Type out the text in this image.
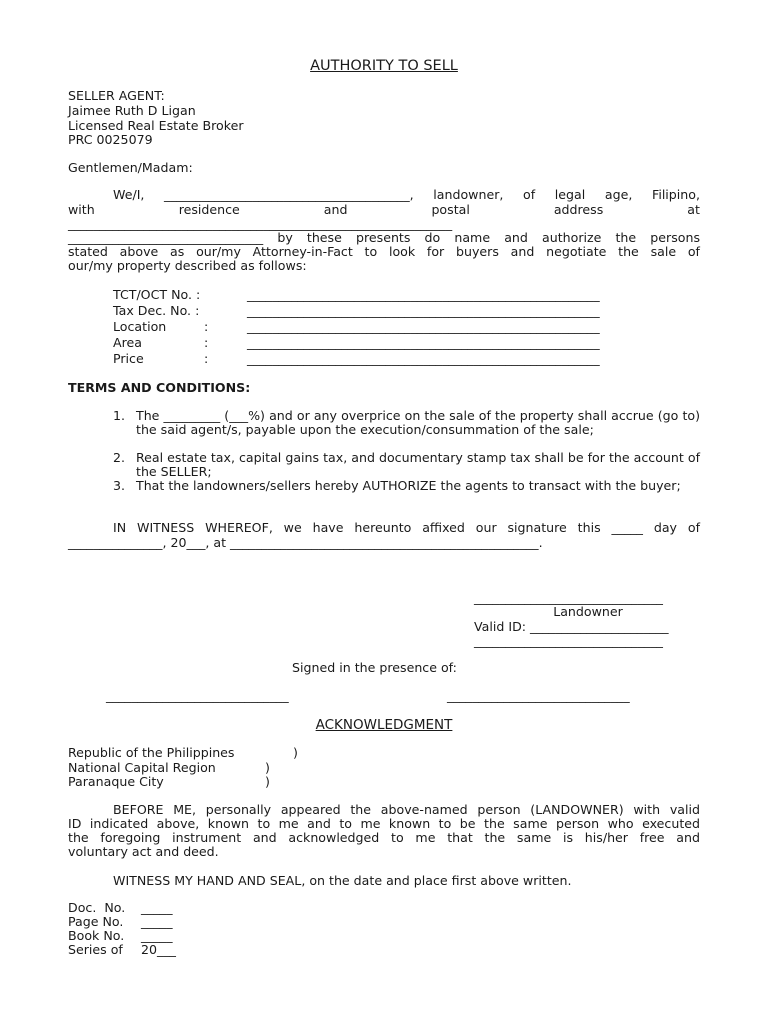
AUTHORITY TO SELL
SELLER AGENT:
Jaimee Ruth D Ligan
Licensed Real Estate Broker
PRC 0025079
Gentlemen/Madam:
We/I, _______________________________________, landowner, of legal age, Filipino,
with	residence	and	postal	address	at
_____________________________________________________________
_______________________________ by these presents do name and authorize the persons
stated above as our/my Attorney-in-Fact to look for buyers and negotiate the sale of
our/my property described as follows:
TCT/OCT No. :	________________________________________________________
Tax Dec. No. :	________________________________________________________
Location	:	________________________________________________________
Area	:	________________________________________________________
Price	:	________________________________________________________
TERMS AND CONDITIONS:
1. The _________ (___%) and or any overprice on the sale of the property shall accrue (go to) the said agent/s, payable upon the execution/consummation of the sale;
2. Real estate tax, capital gains tax, and documentary stamp tax shall be for the account of the SELLER;
3. That the landowners/sellers hereby AUTHORIZE the agents to transact with the buyer;
IN WITNESS WHEREOF, we have hereunto affixed our signature this _____ day of
_______________, 20___, at _________________________________________________.
______________________________
Landowner
Valid ID: ______________________
______________________________
Signed in the presence of:
_____________________________	_____________________________
ACKNOWLEDGMENT
Republic of the Philippines	)
National Capital Region	)
Paranaque City	)
BEFORE ME, personally appeared the above-named person (LANDOWNER) with valid
ID indicated above, known to me and to me known to be the same person who executed
the foregoing instrument and acknowledged to me that the same is his/her free and
voluntary act and deed.
WITNESS MY HAND AND SEAL, on the date and place first above written.
Doc.  No. _____
Page No. _____
Book No. _____
Series of 20___
